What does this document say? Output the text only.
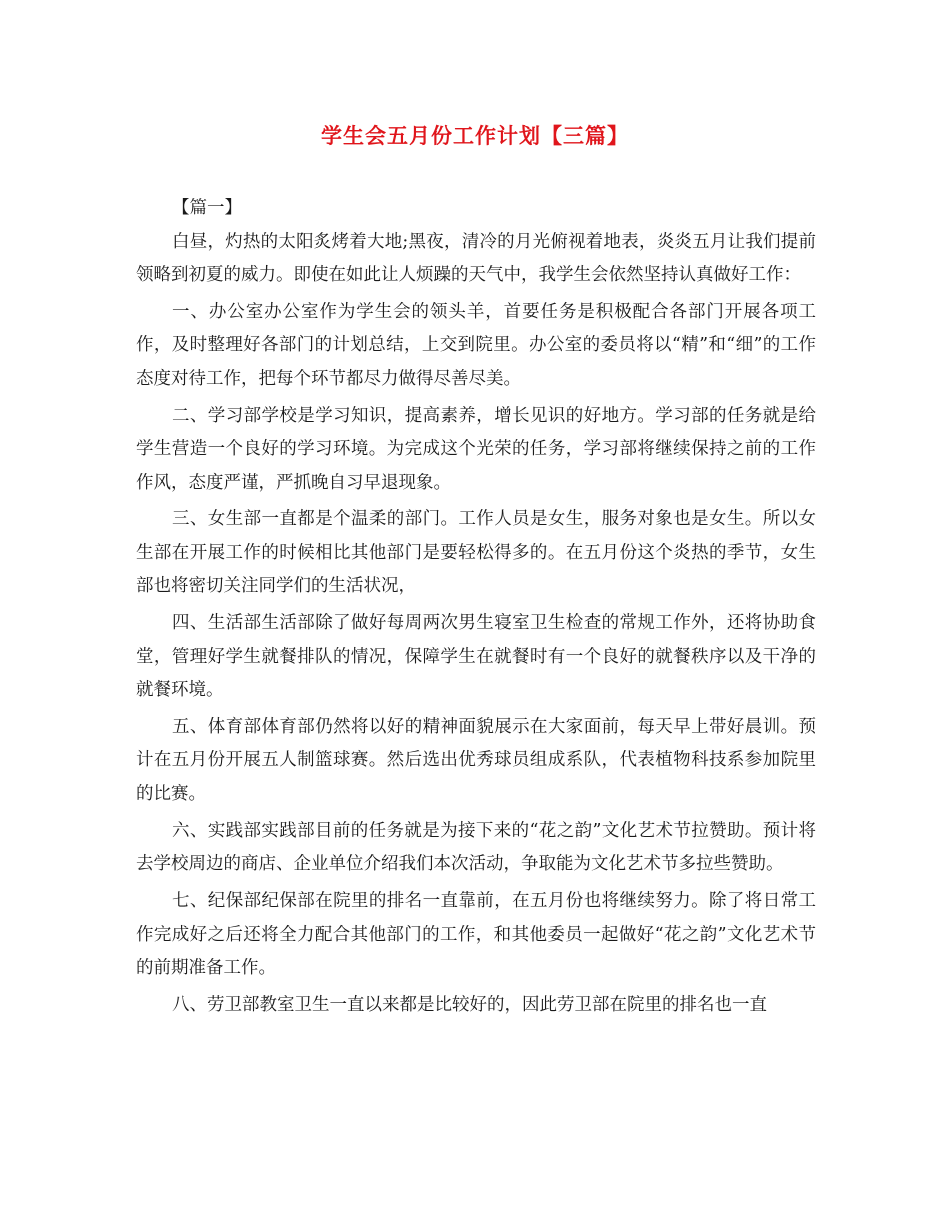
学生会五月份工作计划【三篇】

【篇一】

白昼，灼热的太阳炙烤着大地;黑夜，清冷的月光俯视着地表，炎炎五月让我们提前领略到初夏的威力。即使在如此让人烦躁的天气中，我学生会依然坚持认真做好工作：

一、办公室办公室作为学生会的领头羊，首要任务是积极配合各部门开展各项工作，及时整理好各部门的计划总结，上交到院里。办公室的委员将以“精”和“细”的工作态度对待工作，把每个环节都尽力做得尽善尽美。

二、学习部学校是学习知识，提高素养，增长见识的好地方。学习部的任务就是给学生营造一个良好的学习环境。为完成这个光荣的任务，学习部将继续保持之前的工作作风，态度严谨，严抓晚自习早退现象。

三、女生部一直都是个温柔的部门。工作人员是女生，服务对象也是女生。所以女生部在开展工作的时候相比其他部门是要轻松得多的。在五月份这个炎热的季节，女生部也将密切关注同学们的生活状况，

四、生活部生活部除了做好每周两次男生寝室卫生检查的常规工作外，还将协助食堂，管理好学生就餐排队的情况，保障学生在就餐时有一个良好的就餐秩序以及干净的就餐环境。

五、体育部体育部仍然将以好的精神面貌展示在大家面前，每天早上带好晨训。预计在五月份开展五人制篮球赛。然后选出优秀球员组成系队，代表植物科技系参加院里的比赛。

六、实践部实践部目前的任务就是为接下来的“花之韵”文化艺术节拉赞助。预计将去学校周边的商店、企业单位介绍我们本次活动，争取能为文化艺术节多拉些赞助。

七、纪保部纪保部在院里的排名一直靠前，在五月份也将继续努力。除了将日常工作完成好之后还将全力配合其他部门的工作，和其他委员一起做好“花之韵”文化艺术节的前期准备工作。

八、劳卫部教室卫生一直以来都是比较好的，因此劳卫部在院里的排名也一直
